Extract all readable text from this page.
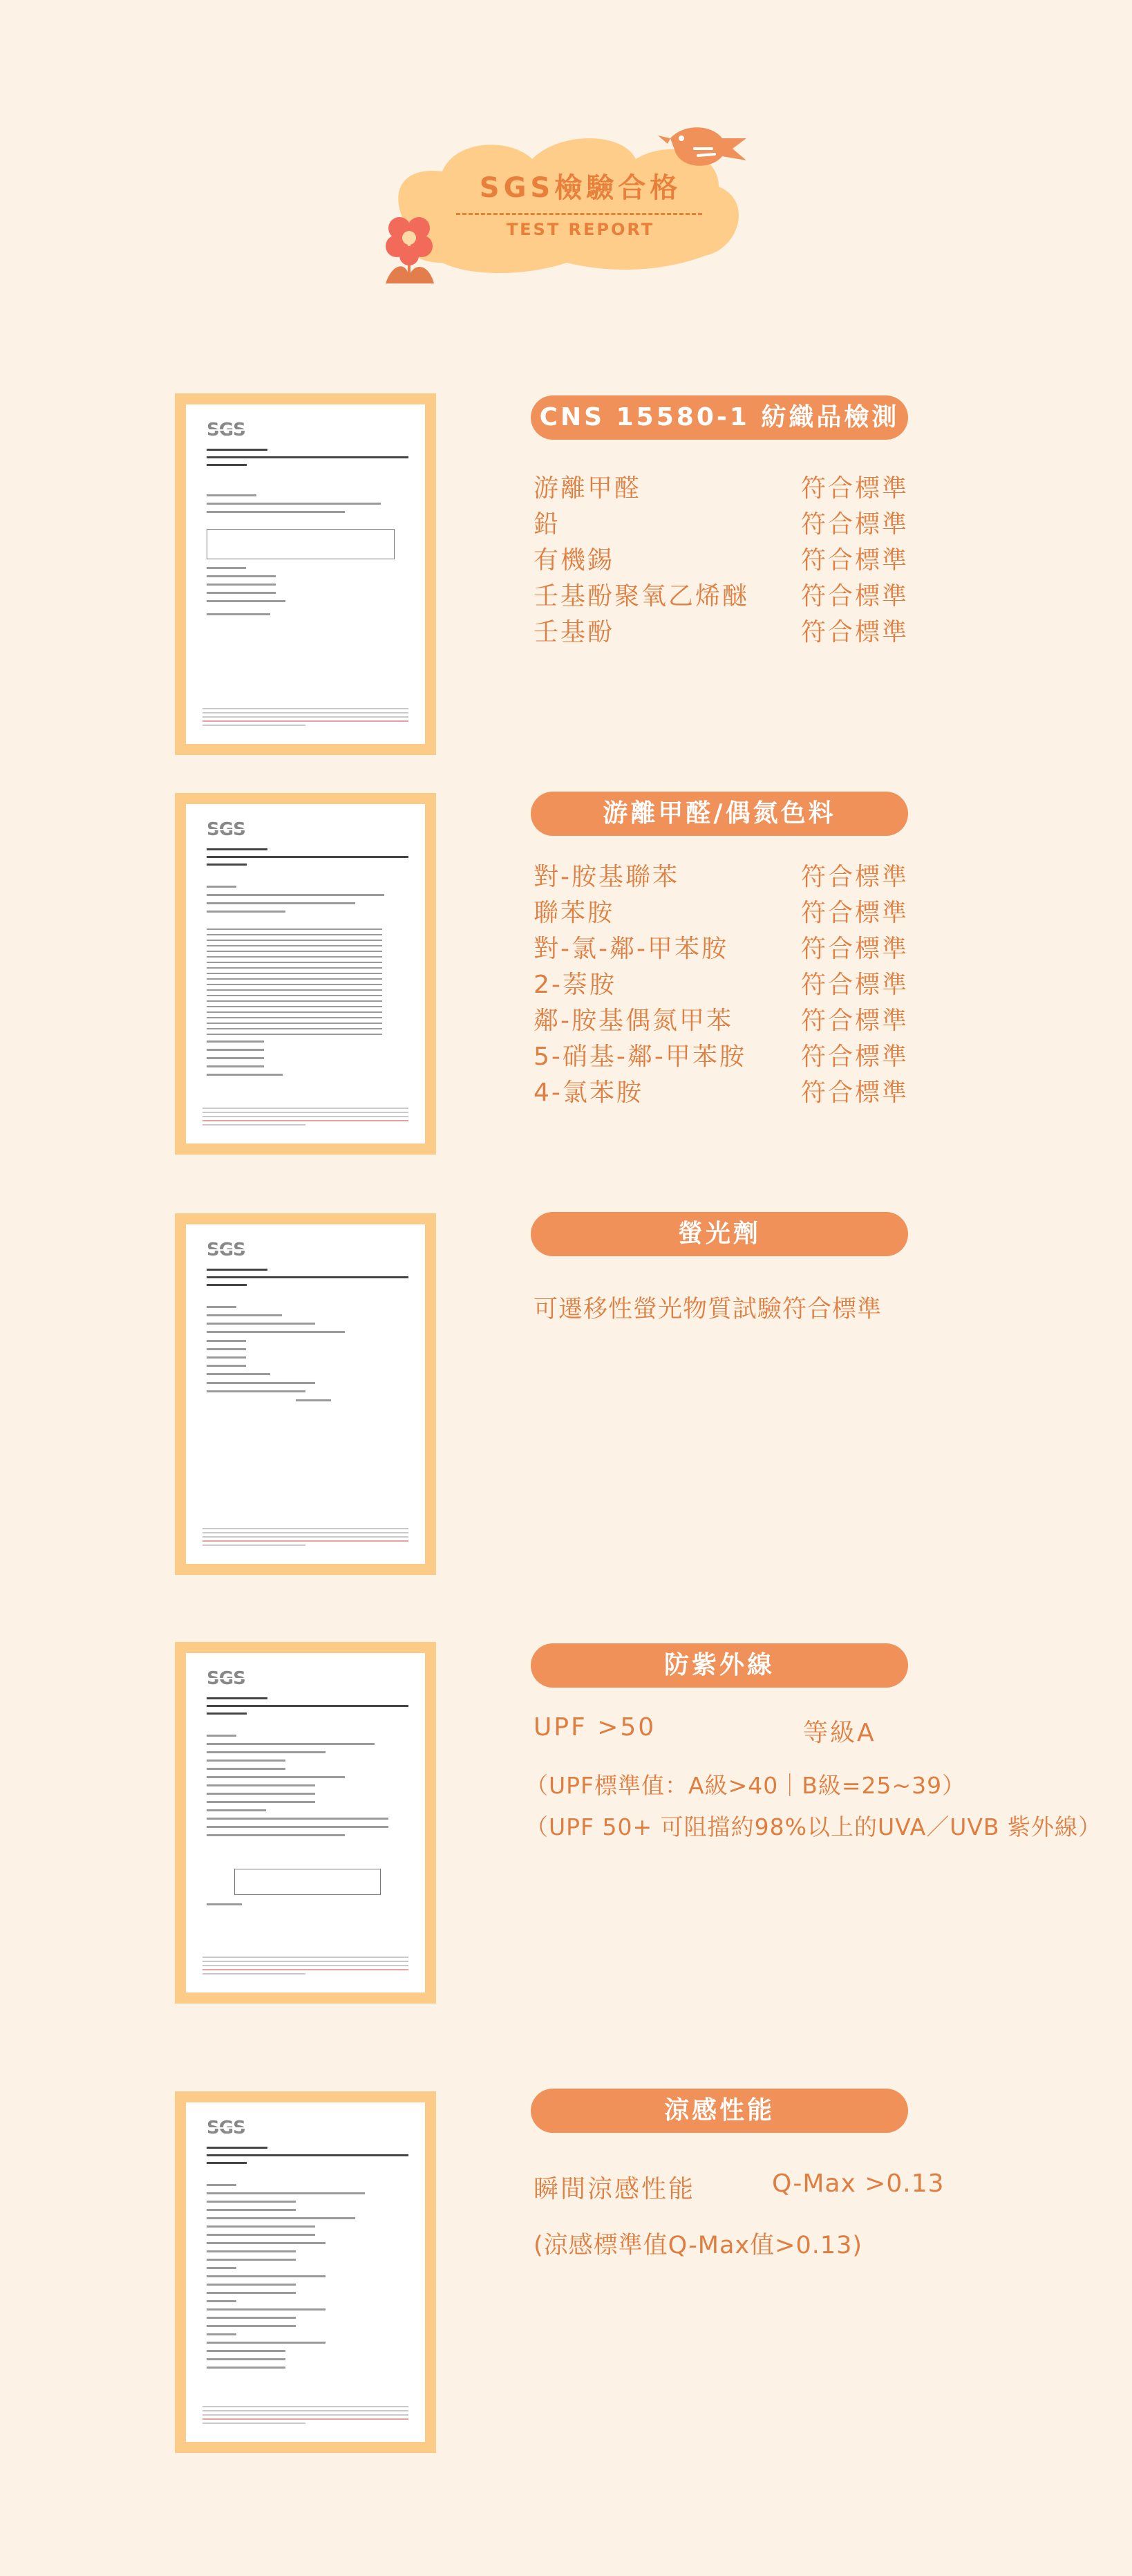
SGS檢驗合格
TEST REPORT
SGS	CNS 15580-1 紡織品檢測
游離甲醛	符合標準
鉛	符合標準
有機錫	符合標準
壬基酚聚氧乙烯醚 符合標準
壬基酚	符合標準
SGS
游離甲醛/偶氮色料
對-胺基聯苯	符合標準
聯苯胺	符合標準
對-氯-鄰-甲苯胺	符合標準
2-萘胺	符合標準
鄰-胺基偶氮甲苯	符合標準
5-硝基-鄰-甲苯胺 符合標準
4-氯苯胺	符合標準
SGS
螢光劑
可遷移性螢光物質試驗符合標準
SGS	防紫外線
UPF >50	等級A
（UPF標準值：A級>40｜B級=25~39）
（UPF 50+ 可阻擋約98%以上的UVA／UVB 紫外線）
SGS
涼感性能
瞬間涼感性能	Q-Max >0.13
(涼感標準值Q-Max值>0.13)
